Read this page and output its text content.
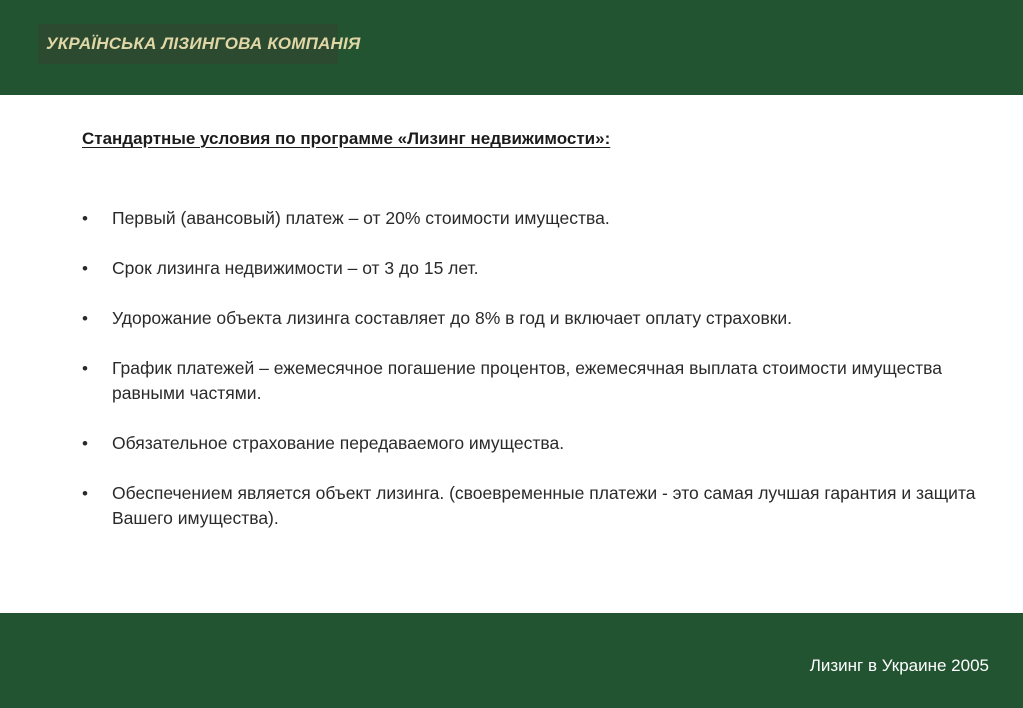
УКРАЇНСЬКА ЛІЗИНГОВА КОМПАНІЯ
Стандартные условия по программе «Лизинг недвижимости»:
• Первый (авансовый) платеж – от 20% стоимости имущества.
• Срок лизинга недвижимости – от 3 до 15 лет.
• Удорожание объекта лизинга составляет до 8% в год и включает оплату страховки.
• График платежей – ежемесячное погашение процентов, ежемесячная выплата стоимости имущества равными частями.
• Обязательное страхование передаваемого имущества.
• Обеспечением является объект лизинга. (своевременные платежи - это самая лучшая гарантия и защита Вашего имущества).
Лизинг в Украине 2005
